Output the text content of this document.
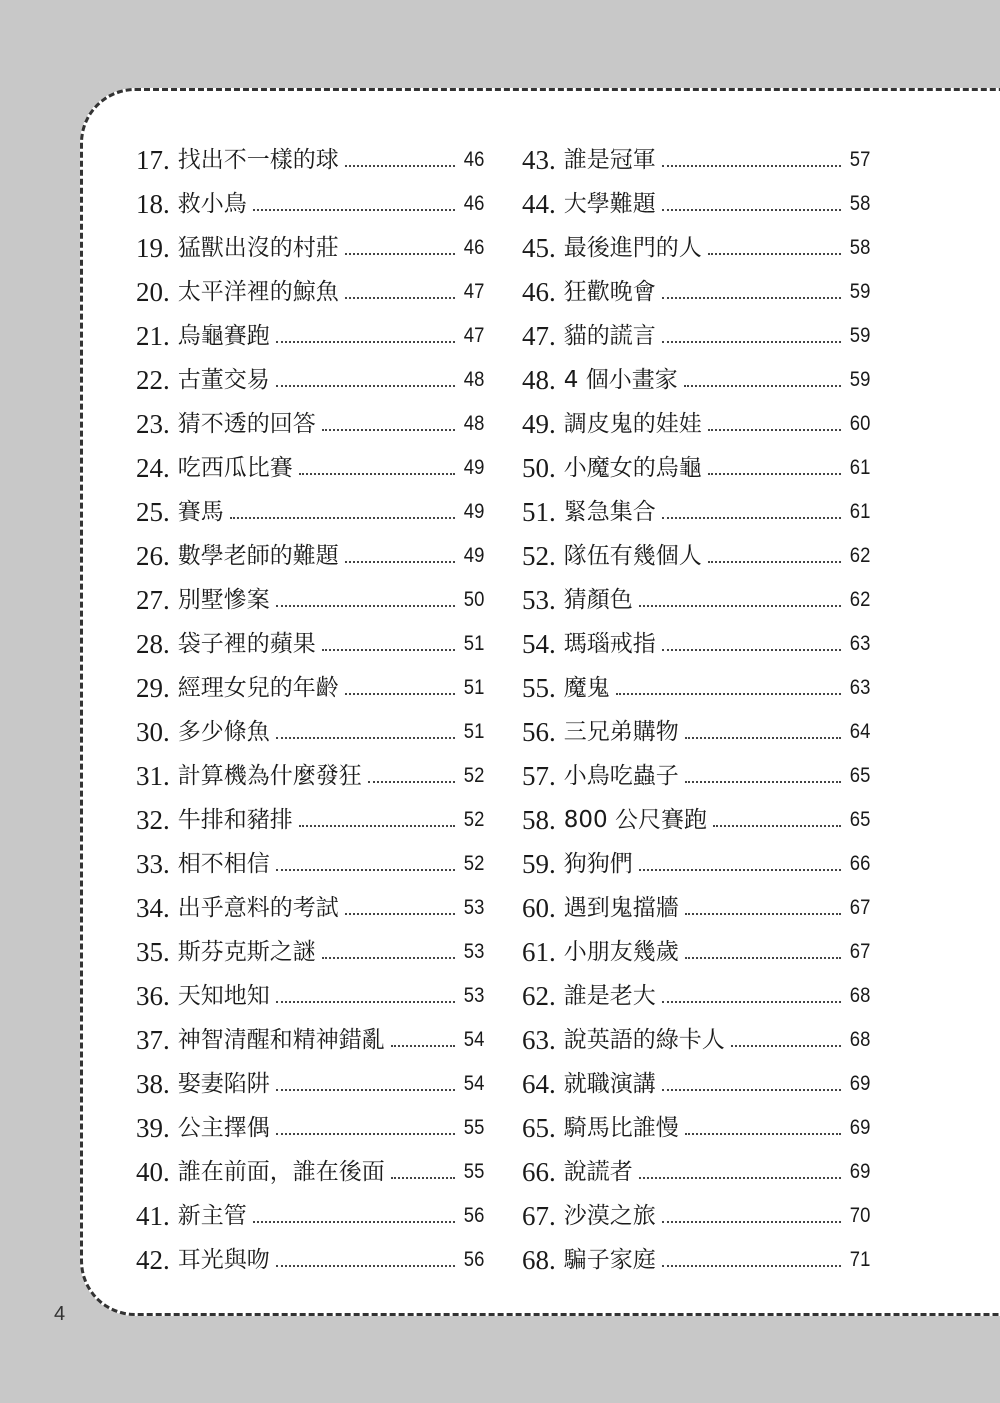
17. 找出不一樣的球	46
18. 救小鳥	46
19. 猛獸出沒的村莊	46
20. 太平洋裡的鯨魚	47
21. 烏龜賽跑	47
22. 古董交易	48
23. 猜不透的回答	48
24. 吃西瓜比賽	49
25. 賽馬	49
26. 數學老師的難題	49
27. 別墅慘案	50
28. 袋子裡的蘋果	51
29. 經理女兒的年齡	51
30. 多少條魚	51
31. 計算機為什麼發狂	52
32. 牛排和豬排	52
33. 相不相信	52
34. 出乎意料的考試	53
35. 斯芬克斯之謎	53
36. 天知地知	53
37. 神智清醒和精神錯亂	54
38. 娶妻陷阱	54
39. 公主擇偶	55
40. 誰在前面，誰在後面	55
41. 新主管	56
42. 耳光與吻	56
43. 誰是冠軍	57
44. 大學難題	58
45. 最後進門的人	58
46. 狂歡晚會	59
47. 貓的謊言	59
48. 4 個小畫家	59
49. 調皮鬼的娃娃	60
50. 小魔女的烏龜	61
51. 緊急集合	61
52. 隊伍有幾個人	62
53. 猜顏色	62
54. 瑪瑙戒指	63
55. 魔鬼	63
56. 三兄弟購物	64
57. 小鳥吃蟲子	65
58. 800 公尺賽跑	65
59. 狗狗們	66
60. 遇到鬼擋牆	67
61. 小朋友幾歲	67
62. 誰是老大	68
63. 說英語的綠卡人	68
64. 就職演講	69
65. 騎馬比誰慢	69
66. 說謊者	69
67. 沙漠之旅	70
68. 騙子家庭	71
4
